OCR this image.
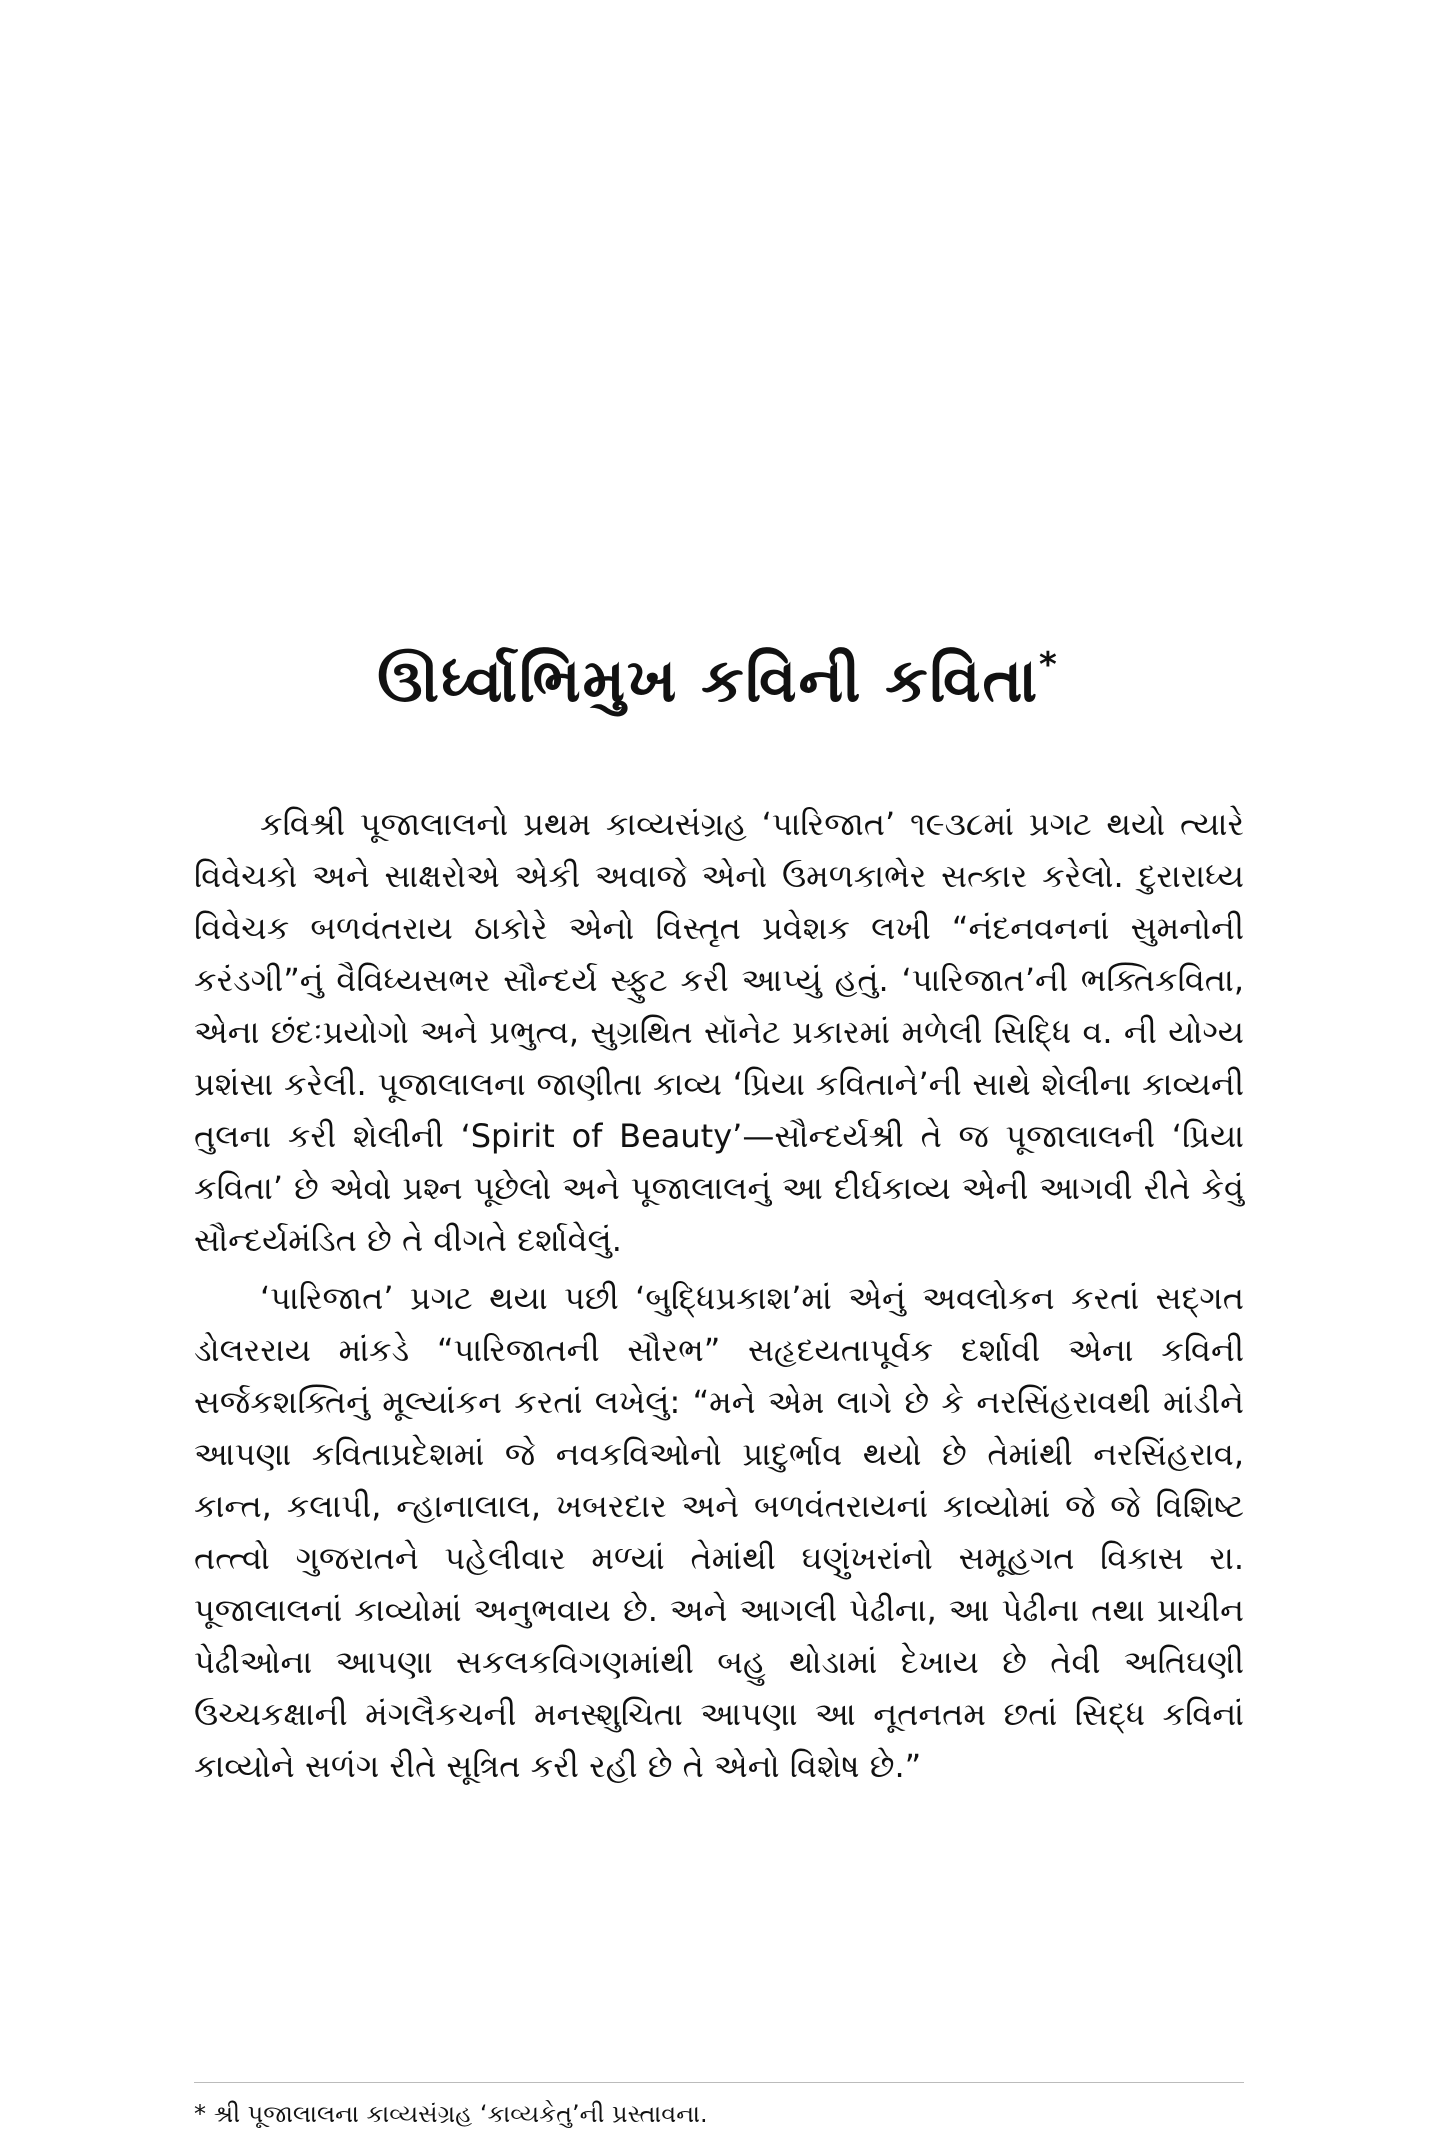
ઊર્ધ્વાભિમુખ કવિની કવિતા*

કવિશ્રી પૂજાલાલનો પ્રથમ કાવ્યસંગ્રહ ‘પારિજાત’ ૧૯૩૮માં પ્રગટ થયો ત્યારે વિવેચકો અને સાક્ષરોએ એકી અવાજે એનો ઉમળકાભેર સત્કાર કરેલો. દુરારાધ્ય વિવેચક બળવંતરાય ઠાકોરે એનો વિસ્તૃત પ્રવેશક લખી “નંદનવનનાં સુમનોની કરંડગી”નું વૈવિધ્યસભર સૌન્દર્ય સ્ફુટ કરી આપ્યું હતું. ‘પારિજાત’ની ભક્તિકવિતા, એના છંદઃપ્રયોગો અને પ્રભુત્વ, સુગ્રથિત સૉનેટ પ્રકારમાં મળેલી સિદ્ધિ વ. ની યોગ્ય પ્રશંસા કરેલી. પૂજાલાલના જાણીતા કાવ્ય ‘પ્રિયા કવિતાને’ની સાથે શેલીના કાવ્યની તુલના કરી શેલીની ‘Spirit of Beauty’—સૌન્દર્યશ્રી તે જ પૂજાલાલની ‘પ્રિયા કવિતા’ છે એવો પ્રશ્ન પૂછેલો અને પૂજાલાલનું આ દીર્ઘકાવ્ય એની આગવી રીતે કેવું સૌન્દર્યમંડિત છે તે વીગતે દર્શાવેલું.

‘પારિજાત’ પ્રગટ થયા પછી ‘બુદ્ધિપ્રકાશ’માં એનું અવલોકન કરતાં સદ્‌ગત ડોલરરાય માંકડે “પારિજાતની સૌરભ” સહૃદયતાપૂર્વક દર્શાવી એના કવિની સર્જકશક્તિનું મૂલ્યાંકન કરતાં લખેલું: “મને એમ લાગે છે કે નરસિંહરાવથી માંડીને આપણા કવિતાપ્રદેશમાં જે નવકવિઓનો પ્રાદુર્ભાવ થયો છે તેમાંથી નરસિંહરાવ, કાન્ત, કલાપી, ન્હાનાલાલ, ખબરદાર અને બળવંતરાયનાં કાવ્યોમાં જે જે વિશિષ્ટ તત્ત્વો ગુજરાતને પહેલીવાર મળ્યાં તેમાંથી ઘણુંખરાંનો સમૂહગત વિકાસ રા. પૂજાલાલનાં કાવ્યોમાં અનુભવાય છે. અને આગલી પેઢીના, આ પેઢીના તથા પ્રાચીન પેઢીઓના આપણા સકલકવિગણમાંથી બહુ થોડામાં દેખાય છે તેવી અતિઘણી ઉચ્ચકક્ષાની મંગલૈકચની મનસ્શુચિતા આપણા આ નૂતનતમ છતાં સિદ્ધ કવિનાં કાવ્યોને સળંગ રીતે સૂત્રિત કરી રહી છે તે એનો વિશેષ છે.”

* શ્રી પૂજાલાલના કાવ્યસંગ્રહ ‘કાવ્યકેતુ’ની પ્રસ્તાવના.
